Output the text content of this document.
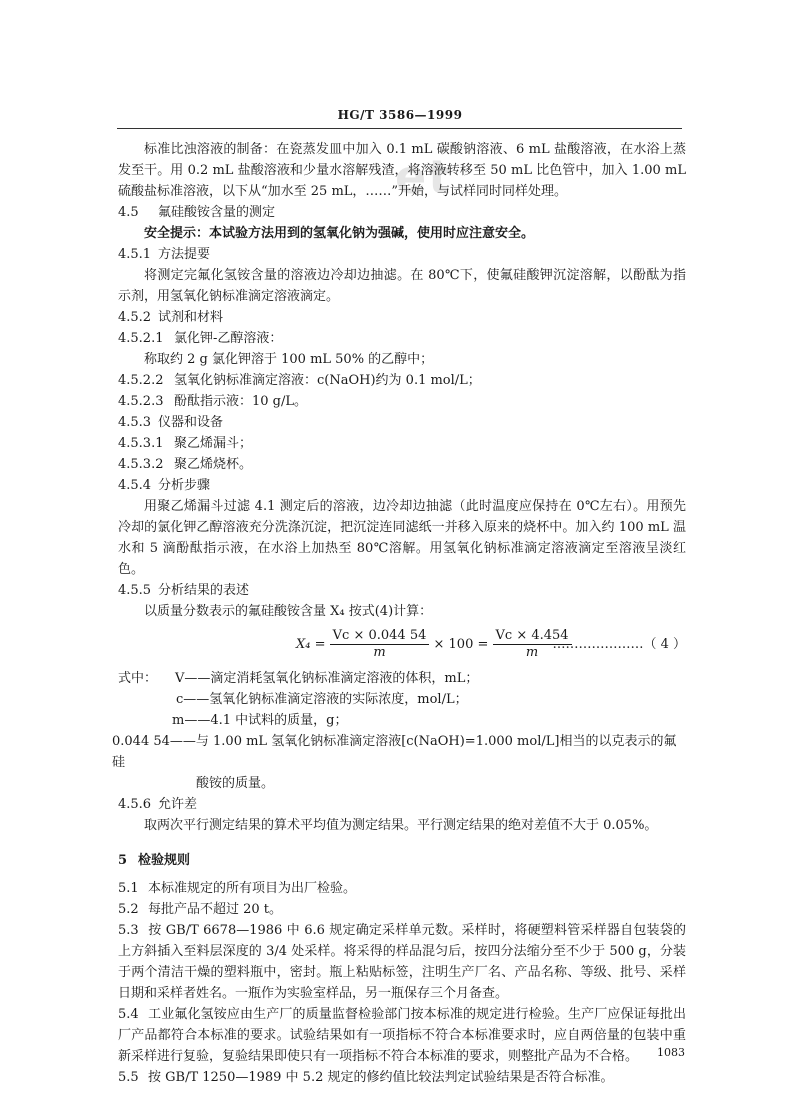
et
HG/T 3586—1999

标准比浊溶液的制备：在瓷蒸发皿中加入 0.1 mL 碳酸钠溶液、6 mL 盐酸溶液，在水浴上蒸发至干。用 0.2 mL 盐酸溶液和少量水溶解残渣，将溶液转移至 50 mL 比色管中，加入 1.00 mL 硫酸盐标准溶液，以下从“加水至 25 mL，……”开始，与试样同时同样处理。

4.5 氟硅酸铵含量的测定

安全提示：本试验方法用到的氢氧化钠为强碱，使用时应注意安全。

4.5.1 方法提要

将测定完氟化氢铵含量的溶液边冷却边抽滤。在 80℃下，使氟硅酸钾沉淀溶解，以酚酞为指示剂，用氢氧化钠标准滴定溶液滴定。

4.5.2 试剂和材料

4.5.2.1 氯化钾-乙醇溶液：

称取约 2 g 氯化钾溶于 100 mL 50% 的乙醇中；

4.5.2.2 氢氧化钠标准滴定溶液：c(NaOH)约为 0.1 mol/L；

4.5.2.3 酚酞指示液：10 g/L。

4.5.3 仪器和设备

4.5.3.1 聚乙烯漏斗；

4.5.3.2 聚乙烯烧杯。

4.5.4 分析步骤

用聚乙烯漏斗过滤 4.1 测定后的溶液，边冷却边抽滤（此时温度应保持在 0℃左右）。用预先冷却的氯化钾乙醇溶液充分洗涤沉淀，把沉淀连同滤纸一并移入原来的烧杯中。加入约 100 mL 温水和 5 滴酚酞指示液，在水浴上加热至 80℃溶解。用氢氧化钠标准滴定溶液滴定至溶液呈淡红色。

4.5.5 分析结果的表述

以质量分数表示的氟硅酸铵含量 X₄ 按式(4)计算：

$X_4 = \frac{Vc \times 0.044 54}{m} \times 100 = \frac{Vc \times 4.454}{m}$
…………………（ 4 ）

式中： V——滴定消耗氢氧化钠标准滴定溶液的体积，mL；

c——氢氧化钠标准滴定溶液的实际浓度，mol/L；

m——4.1 中试料的质量，g；

0.044 54——与 1.00 mL 氢氧化钠标准滴定溶液[c(NaOH)=1.000 mol/L]相当的以克表示的氟硅

酸铵的质量。

4.5.6 允许差

取两次平行测定结果的算术平均值为测定结果。平行测定结果的绝对差值不大于 0.05%。

5 检验规则

5.1 本标准规定的所有项目为出厂检验。

5.2 每批产品不超过 20 t。

5.3 按 GB/T 6678—1986 中 6.6 规定确定采样单元数。采样时，将硬塑料管采样器自包装袋的上方斜插入至料层深度的 3/4 处采样。将采得的样品混匀后，按四分法缩分至不少于 500 g，分装于两个清洁干燥的塑料瓶中，密封。瓶上粘贴标签，注明生产厂名、产品名称、等级、批号、采样日期和采样者姓名。一瓶作为实验室样品，另一瓶保存三个月备查。

5.4 工业氟化氢铵应由生产厂的质量监督检验部门按本标准的规定进行检验。生产厂应保证每批出厂产品都符合本标准的要求。试验结果如有一项指标不符合本标准要求时，应自两倍量的包装中重新采样进行复验，复验结果即使只有一项指标不符合本标准的要求，则整批产品为不合格。

5.5 按 GB/T 1250—1989 中 5.2 规定的修约值比较法判定试验结果是否符合标准。

1083
